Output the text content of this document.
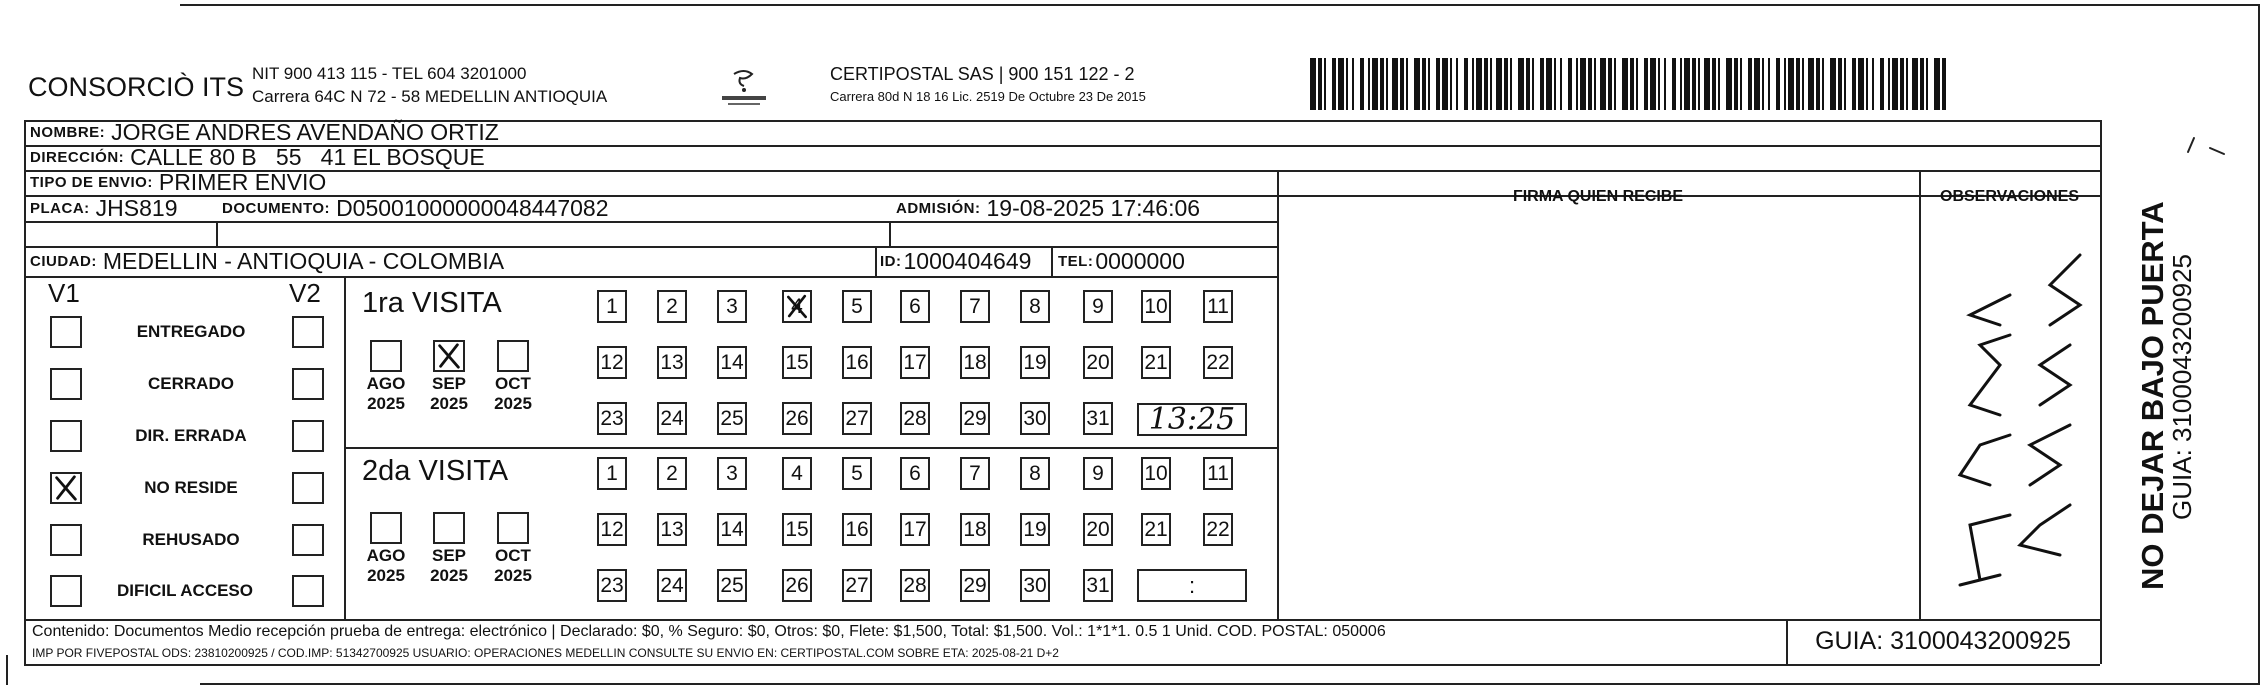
CONSORCIÒ ITS NIT 900 413 115 - TEL 604 3201000
Carrera 64C N 72 - 58 MEDELLIN ANTIOQUIA
CERTIPOSTAL SAS | 900 151 122 - 2
Carrera 80d N 18 16 Lic. 2519 De Octubre 23 De 2015
NOMBRE: JORGE ANDRES AVENDAÑO ORTIZ
DIRECCIÓN: CALLE 80 B   55   41 EL BOSQUE
TIPO DE ENVIO: PRIMER ENVIO
PLACA: JHS819	DOCUMENTO: D05001000000048447082	ADMISIÓN: 19-08-2025 17:46:06
CIUDAD: MEDELLIN - ANTIOQUIA - COLOMBIA	ID: 1000404649 TEL: 0000000
FIRMA QUIEN RECIBE	OBSERVACIONES
V1	V2
ENTREGADO
CERRADO
DIR. ERRADA
NO RESIDE
REHUSADO
DIFICIL ACCESO
1ra VISITA
AGO
2025
SEP
2025
OCT
2025
1	2	3	4	5	6	7	8	9	10 11
12 13 14 15 16 17 18 19 20 21 22
23 24 25 26 27 28 29 30 31	13:25
2da VISITA
AGO
2025
SEP
2025
OCT
2025
1	2	3	4	5	6	7	8	9	10 11
12 13 14 15 16 17 18 19 20 21 22
23 24 25 26 27 28 29 30 31	:
Contenido: Documentos Medio recepción prueba de entrega: electrónico | Declarado: $0, % Seguro: $0, Otros: $0, Flete: $1,500, Total: $1,500. Vol.: 1*1*1. 0.5 1 Unid. COD. POSTAL: 050006
IMP POR FIVEPOSTAL ODS: 23810200925 / COD.IMP: 51342700925 USUARIO: OPERACIONES MEDELLIN CONSULTE SU ENVIO EN: CERTIPOSTAL.COM SOBRE ETA: 2025-08-21 D+2	GUIA: 3100043200925
NO DEJAR BAJO PUERTA
GUIA: 3100043200925
